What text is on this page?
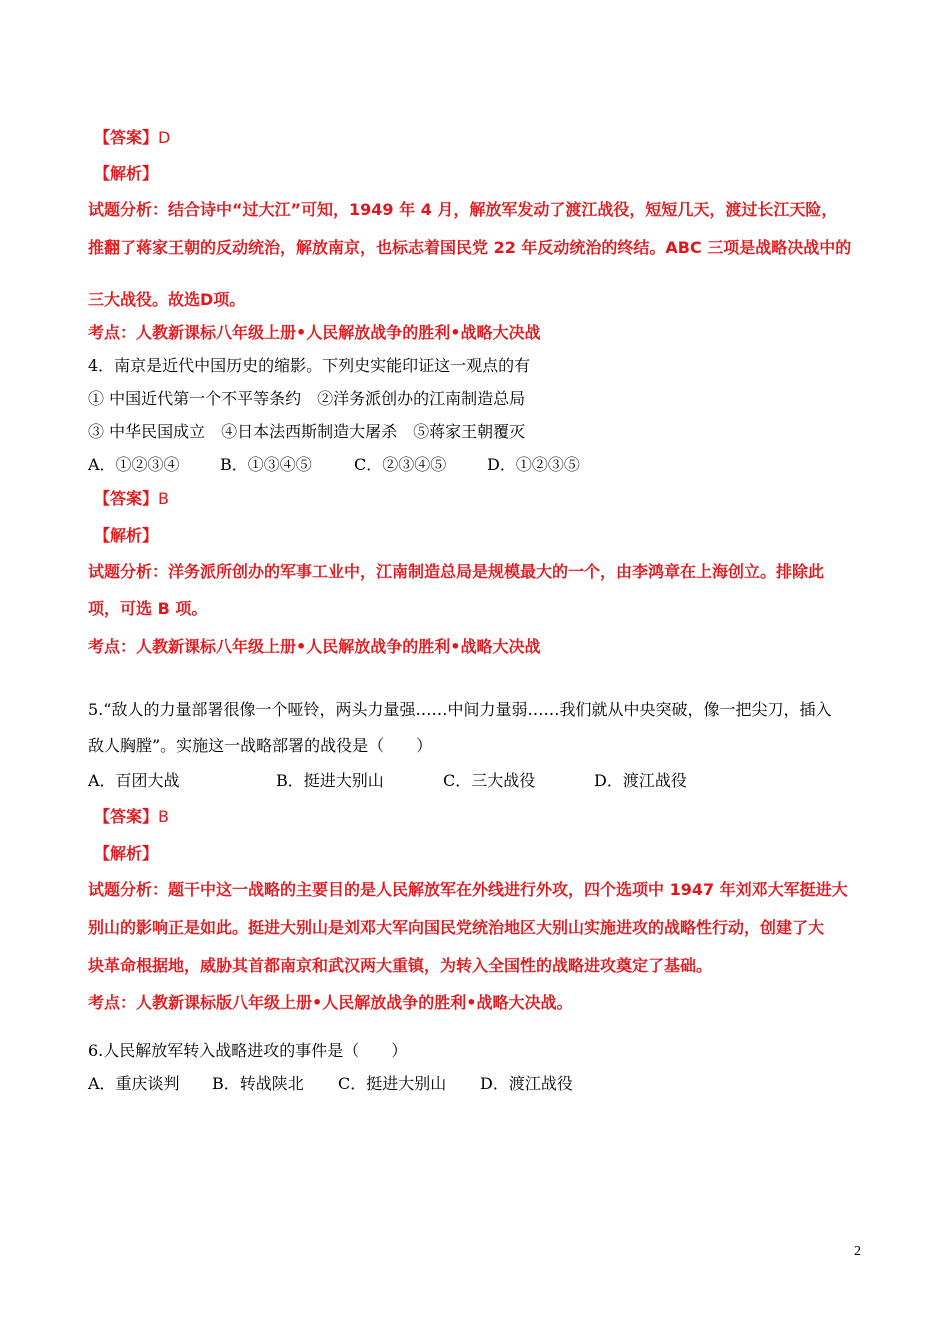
【答案】D
【解析】
试题分析：结合诗中“过大江”可知，1949 年 4 月，解放军发动了渡江战役，短短几天，渡过长江天险，
推翻了蒋家王朝的反动统治，解放南京，也标志着国民党 22 年反动统治的终结。ABC 三项是战略决战中的
三大战役。故选D项。
考点：人教新课标八年级上册•人民解放战争的胜利•战略大决战
4．南京是近代中国历史的缩影。下列史实能印证这一观点的有
① 中国近代第一个不平等条约　②洋务派创办的江南制造总局
③ 中华民国成立　④日本法西斯制造大屠杀　⑤蒋家王朝覆灭
A．①②③④	B．①③④⑤	C．②③④⑤	D．①②③⑤
【答案】B
【解析】
试题分析：洋务派所创办的军事工业中，江南制造总局是规模最大的一个，由李鸿章在上海创立。排除此
项，可选 B 项。
考点：人教新课标八年级上册•人民解放战争的胜利•战略大决战
5.“敌人的力量部署很像一个哑铃，两头力量强……中间力量弱……我们就从中央突破，像一把尖刀，插入
敌人胸膛”。实施这一战略部署的战役是（　　）
A．百团大战	B．挺进大别山	C．三大战役	D．渡江战役
【答案】B
【解析】
试题分析：题干中这一战略的主要目的是人民解放军在外线进行外攻，四个选项中 1947 年刘邓大军挺进大
别山的影响正是如此。挺进大别山是刘邓大军向国民党统治地区大别山实施进攻的战略性行动，创建了大
块革命根据地，威胁其首都南京和武汉两大重镇，为转入全国性的战略进攻奠定了基础。
考点：人教新课标版八年级上册•人民解放战争的胜利•战略大决战。
6.人民解放军转入战略进攻的事件是（　　）
A．重庆谈判 B．转战陕北 C．挺进大别山 D．渡江战役
2
